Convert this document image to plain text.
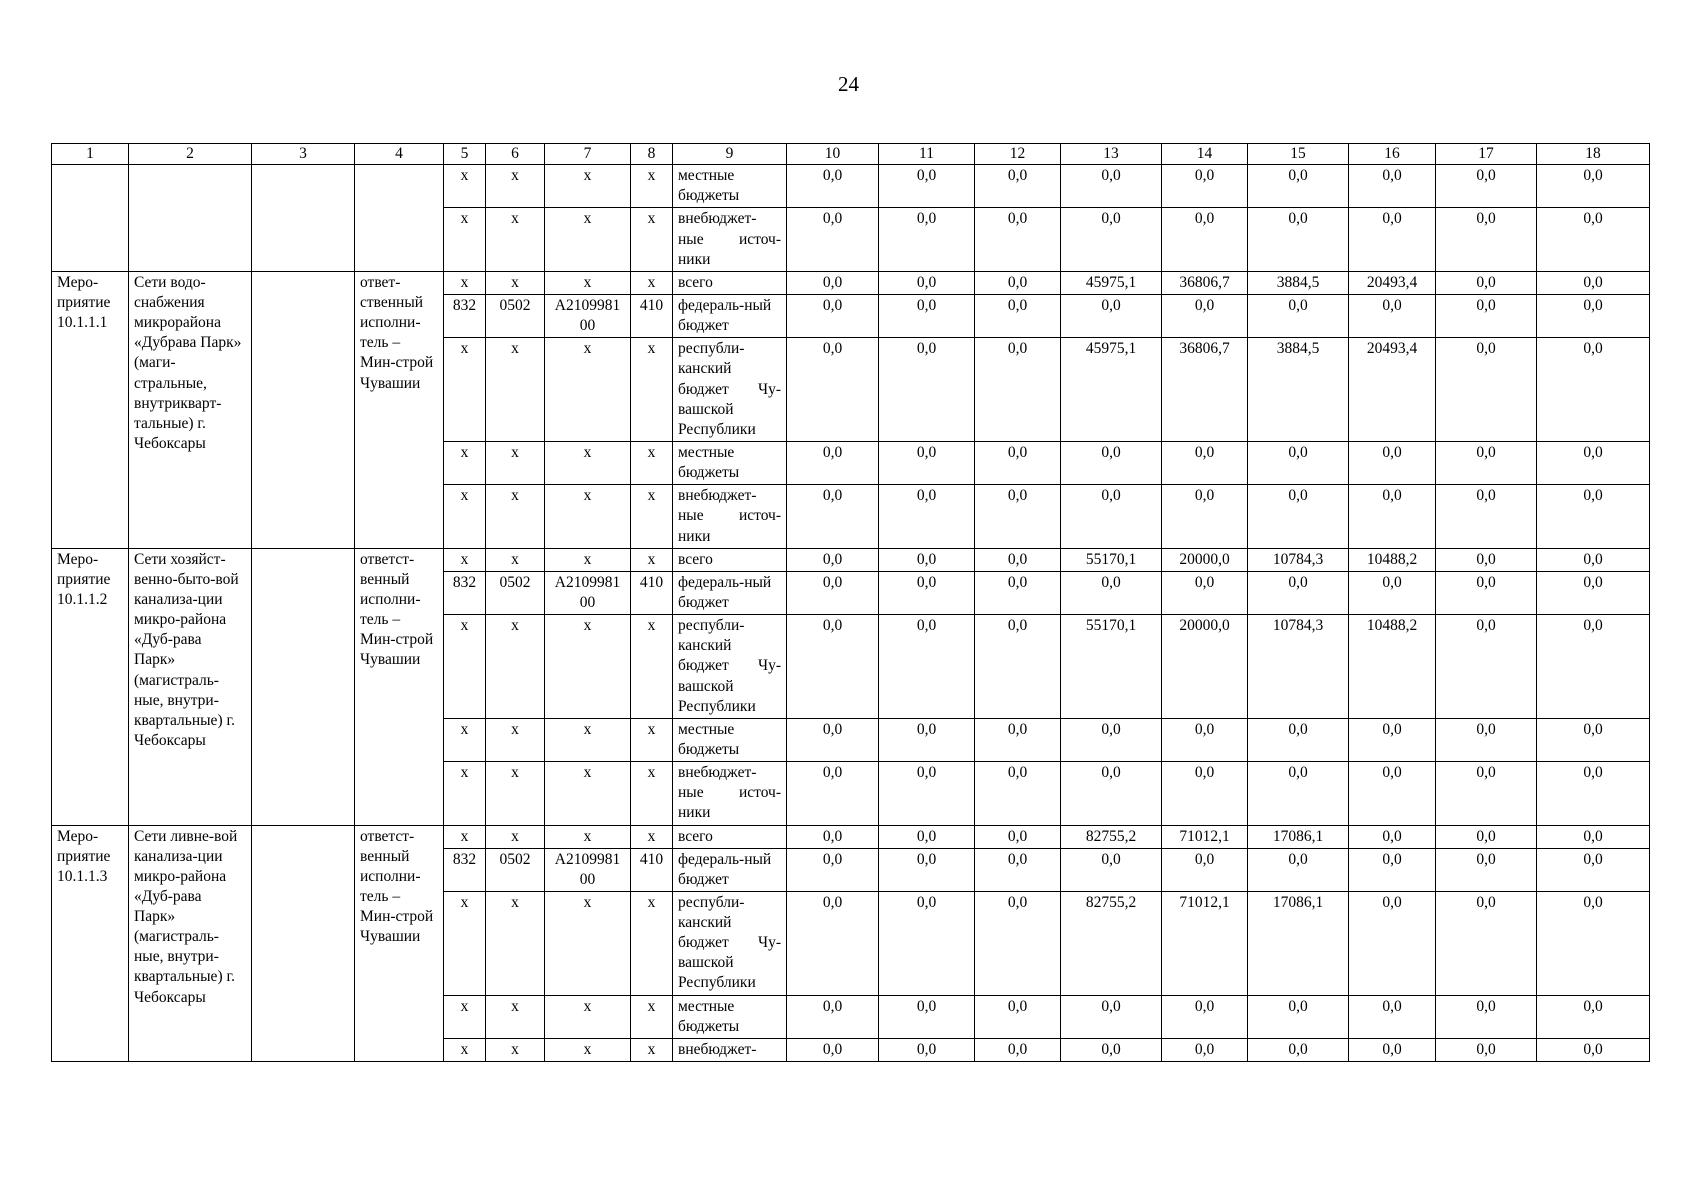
24
1	2	3	4	5	6	7	8	9	10	11	12	13	14	15	16	17	18
				х	х	х	х	местные бюджеты	0,0	0,0	0,0	0,0	0,0	0,0	0,0	0,0	0,0
				х	х	х	х	внебюджет-ные источ-ники	0,0	0,0	0,0	0,0	0,0	0,0	0,0	0,0	0,0
Меро-приятие 10.1.1.1	Сети водо-снабжения микрорайона «Дубрава Парк» (маги-стральные, внутрикварт-тальные) г. Чебоксары		ответ-ственный исполни-тель – Мин-строй Чувашии	х	х	х	х	всего	0,0	0,0	0,0	45975,1	36806,7	3884,5	20493,4	0,0	0,0
				832	0502	А2109981 00	410	федераль-ный бюджет	0,0	0,0	0,0	0,0	0,0	0,0	0,0	0,0	0,0
				х	х	х	х	республи-канский бюджет Чу-вашской Республики	0,0	0,0	0,0	45975,1	36806,7	3884,5	20493,4	0,0	0,0
				х	х	х	х	местные бюджеты	0,0	0,0	0,0	0,0	0,0	0,0	0,0	0,0	0,0
				х	х	х	х	внебюджет-ные источ-ники	0,0	0,0	0,0	0,0	0,0	0,0	0,0	0,0	0,0
Меро-приятие 10.1.1.2	Сети хозяйст-венно-быто-вой канализа-ции микро-района «Дуб-рава Парк» (магистраль-ные, внутри-квартальные) г. Чебоксары		ответст-венный исполни-тель – Мин-строй Чувашии	х	х	х	х	всего	0,0	0,0	0,0	55170,1	20000,0	10784,3	10488,2	0,0	0,0
				832	0502	А2109981 00	410	федераль-ный бюджет	0,0	0,0	0,0	0,0	0,0	0,0	0,0	0,0	0,0
				х	х	х	х	республи-канский бюджет Чу-вашской Республики	0,0	0,0	0,0	55170,1	20000,0	10784,3	10488,2	0,0	0,0
				х	х	х	х	местные бюджеты	0,0	0,0	0,0	0,0	0,0	0,0	0,0	0,0	0,0
				х	х	х	х	внебюджет-ные источ-ники	0,0	0,0	0,0	0,0	0,0	0,0	0,0	0,0	0,0
Меро-приятие 10.1.1.3	Сети ливне-вой канализа-ции микро-района «Дуб-рава Парк» (магистраль-ные, внутри-квартальные) г. Чебоксары		ответст-венный исполни-тель – Мин-строй Чувашии	х	х	х	х	всего	0,0	0,0	0,0	82755,2	71012,1	17086,1	0,0	0,0	0,0
				832	0502	А2109981 00	410	федераль-ный бюджет	0,0	0,0	0,0	0,0	0,0	0,0	0,0	0,0	0,0
				х	х	х	х	республи-канский бюджет Чу-вашской Республики	0,0	0,0	0,0	82755,2	71012,1	17086,1	0,0	0,0	0,0
				х	х	х	х	местные бюджеты	0,0	0,0	0,0	0,0	0,0	0,0	0,0	0,0	0,0
				х	х	х	х	внебюджет-	0,0	0,0	0,0	0,0	0,0	0,0	0,0	0,0	0,0
